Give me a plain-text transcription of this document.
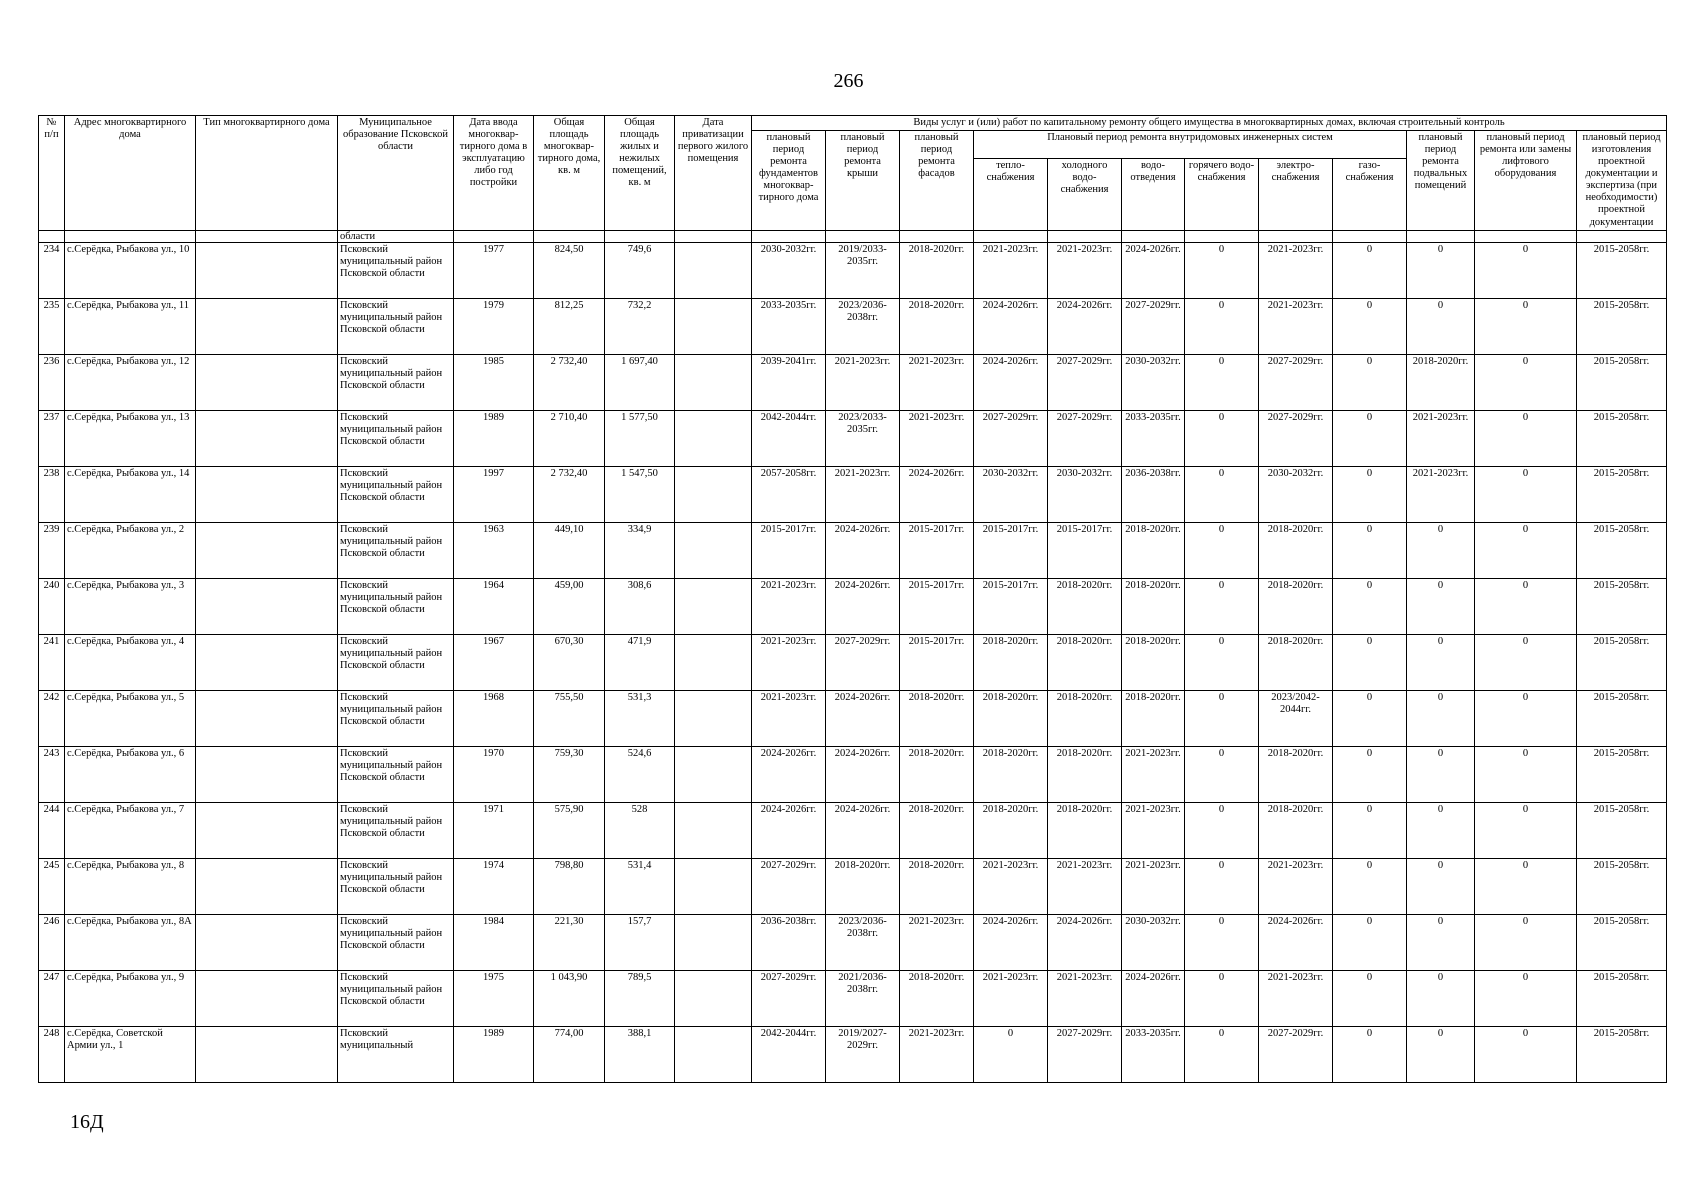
266
№ п/п	Адрес многоквартирного дома	Тип многоквартирного дома	Муниципальное образование Псковской области	Дата ввода многоквар-тирного дома в эксплуатацию либо год постройки	Общая площадь многоквар-тирного дома, кв. м	Общая площадь жилых и нежилых помещений, кв. м	Дата приватизации первого жилого помещения	Виды услуг и (или) работ по капитальному ремонту общего имущества в многоквартирных домах, включая строительный контроль											
								плановый период ремонта фундаментов многоквар-тирного дома	плановый период ремонта крыши	плановый период ремонта фасадов	Плановый период ремонта внутридомовых инженерных систем						плановый период ремонта подвальных помещений	плановый период ремонта или замены лифтового оборудования	плановый период изготовления проектной документации и экспертиза (при необходимости) проектной документации
											тепло-снабжения	холодного водо-снабжения	водо-отведения	горячего водо-снабжения	электро-снабжения	газо-снабжения			
			области																
234	с.Серёдка, Рыбакова ул., 10		Псковский муниципальный район Псковской области	1977	824,50	749,6		2030-2032гг.	2019/2033-2035гг.	2018-2020гг.	2021-2023гг.	2021-2023гг.	2024-2026гг.	0	2021-2023гг.	0	0	0	2015-2058гг.
235	с.Серёдка, Рыбакова ул., 11		Псковский муниципальный район Псковской области	1979	812,25	732,2		2033-2035гг.	2023/2036-2038гг.	2018-2020гг.	2024-2026гг.	2024-2026гг.	2027-2029гг.	0	2021-2023гг.	0	0	0	2015-2058гг.
236	с.Серёдка, Рыбакова ул., 12		Псковский муниципальный район Псковской области	1985	2 732,40	1 697,40		2039-2041гг.	2021-2023гг.	2021-2023гг.	2024-2026гг.	2027-2029гг.	2030-2032гг.	0	2027-2029гг.	0	2018-2020гг.	0	2015-2058гг.
237	с.Серёдка, Рыбакова ул., 13		Псковский муниципальный район Псковской области	1989	2 710,40	1 577,50		2042-2044гг.	2023/2033-2035гг.	2021-2023гг.	2027-2029гг.	2027-2029гг.	2033-2035гг.	0	2027-2029гг.	0	2021-2023гг.	0	2015-2058гг.
238	с.Серёдка, Рыбакова ул., 14		Псковский муниципальный район Псковской области	1997	2 732,40	1 547,50		2057-2058гг.	2021-2023гг.	2024-2026гг.	2030-2032гг.	2030-2032гг.	2036-2038гг.	0	2030-2032гг.	0	2021-2023гг.	0	2015-2058гг.
239	с.Серёдка, Рыбакова ул., 2		Псковский муниципальный район Псковской области	1963	449,10	334,9		2015-2017гг.	2024-2026гг.	2015-2017гг.	2015-2017гг.	2015-2017гг.	2018-2020гг.	0	2018-2020гг.	0	0	0	2015-2058гг.
240	с.Серёдка, Рыбакова ул., 3		Псковский муниципальный район Псковской области	1964	459,00	308,6		2021-2023гг.	2024-2026гг.	2015-2017гг.	2015-2017гг.	2018-2020гг.	2018-2020гг.	0	2018-2020гг.	0	0	0	2015-2058гг.
241	с.Серёдка, Рыбакова ул., 4		Псковский муниципальный район Псковской области	1967	670,30	471,9		2021-2023гг.	2027-2029гг.	2015-2017гг.	2018-2020гг.	2018-2020гг.	2018-2020гг.	0	2018-2020гг.	0	0	0	2015-2058гг.
242	с.Серёдка, Рыбакова ул., 5		Псковский муниципальный район Псковской области	1968	755,50	531,3		2021-2023гг.	2024-2026гг.	2018-2020гг.	2018-2020гг.	2018-2020гг.	2018-2020гг.	0	2023/2042-2044гг.	0	0	0	2015-2058гг.
243	с.Серёдка, Рыбакова ул., 6		Псковский муниципальный район Псковской области	1970	759,30	524,6		2024-2026гг.	2024-2026гг.	2018-2020гг.	2018-2020гг.	2018-2020гг.	2021-2023гг.	0	2018-2020гг.	0	0	0	2015-2058гг.
244	с.Серёдка, Рыбакова ул., 7		Псковский муниципальный район Псковской области	1971	575,90	528		2024-2026гг.	2024-2026гг.	2018-2020гг.	2018-2020гг.	2018-2020гг.	2021-2023гг.	0	2018-2020гг.	0	0	0	2015-2058гг.
245	с.Серёдка, Рыбакова ул., 8		Псковский муниципальный район Псковской области	1974	798,80	531,4		2027-2029гг.	2018-2020гг.	2018-2020гг.	2021-2023гг.	2021-2023гг.	2021-2023гг.	0	2021-2023гг.	0	0	0	2015-2058гг.
246	с.Серёдка, Рыбакова ул., 8А		Псковский муниципальный район Псковской области	1984	221,30	157,7		2036-2038гг.	2023/2036-2038гг.	2021-2023гг.	2024-2026гг.	2024-2026гг.	2030-2032гг.	0	2024-2026гг.	0	0	0	2015-2058гг.
247	с.Серёдка, Рыбакова ул., 9		Псковский муниципальный район Псковской области	1975	1 043,90	789,5		2027-2029гг.	2021/2036-2038гг.	2018-2020гг.	2021-2023гг.	2021-2023гг.	2024-2026гг.	0	2021-2023гг.	0	0	0	2015-2058гг.
248	с.Серёдка, Советской Армии ул., 1		Псковский муниципальный	1989	774,00	388,1		2042-2044гг.	2019/2027-2029гг.	2021-2023гг.	0	2027-2029гг.	2033-2035гг.	0	2027-2029гг.	0	0	0	2015-2058гг.
16Д
